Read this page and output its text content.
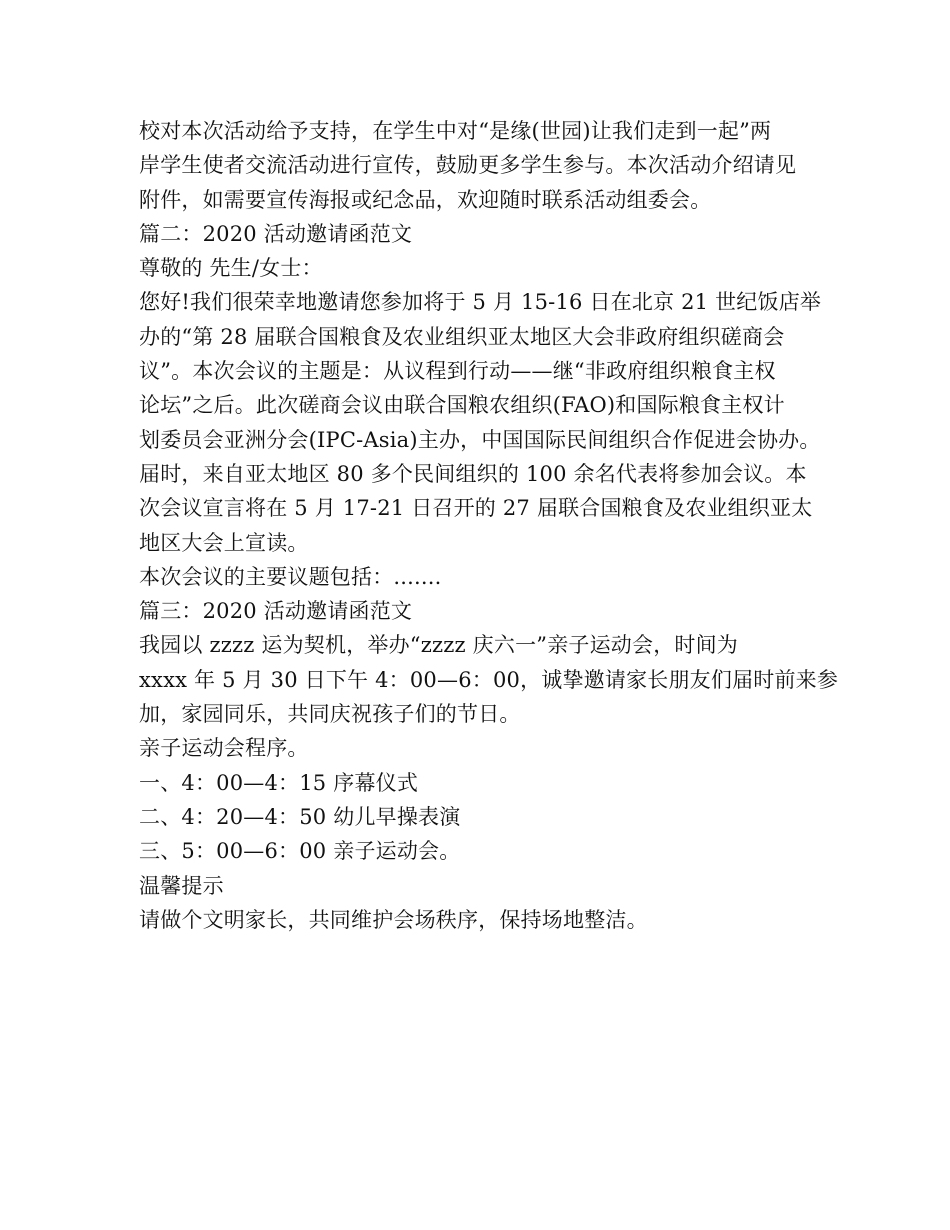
校对本次活动给予支持，在学生中对“是缘(世园)让我们走到一起”两
岸学生使者交流活动进行宣传，鼓励更多学生参与。本次活动介绍请见
附件，如需要宣传海报或纪念品，欢迎随时联系活动组委会。
篇二：2020 活动邀请函范文
尊敬的 先生/女士：
您好!我们很荣幸地邀请您参加将于 5 月 15-16 日在北京 21 世纪饭店举
办的“第 28 届联合国粮食及农业组织亚太地区大会非政府组织磋商会
议”。本次会议的主题是：从议程到行动——继“非政府组织粮食主权
论坛”之后。此次磋商会议由联合国粮农组织(FAO)和国际粮食主权计
划委员会亚洲分会(IPC-Asia)主办，中国国际民间组织合作促进会协办。
届时，来自亚太地区 80 多个民间组织的 100 余名代表将参加会议。本
次会议宣言将在 5 月 17-21 日召开的 27 届联合国粮食及农业组织亚太
地区大会上宣读。
本次会议的主要议题包括：.......
篇三：2020 活动邀请函范文
我园以 zzzz 运为契机，举办“zzzz 庆六一”亲子运动会，时间为
xxxx 年 5 月 30 日下午 4：00—6：00，诚挚邀请家长朋友们届时前来参
加，家园同乐，共同庆祝孩子们的节日。
亲子运动会程序。
一、4：00—4：15 序幕仪式
二、4：20—4：50 幼儿早操表演
三、5：00—6：00 亲子运动会。
温馨提示
请做个文明家长，共同维护会场秩序，保持场地整洁。
